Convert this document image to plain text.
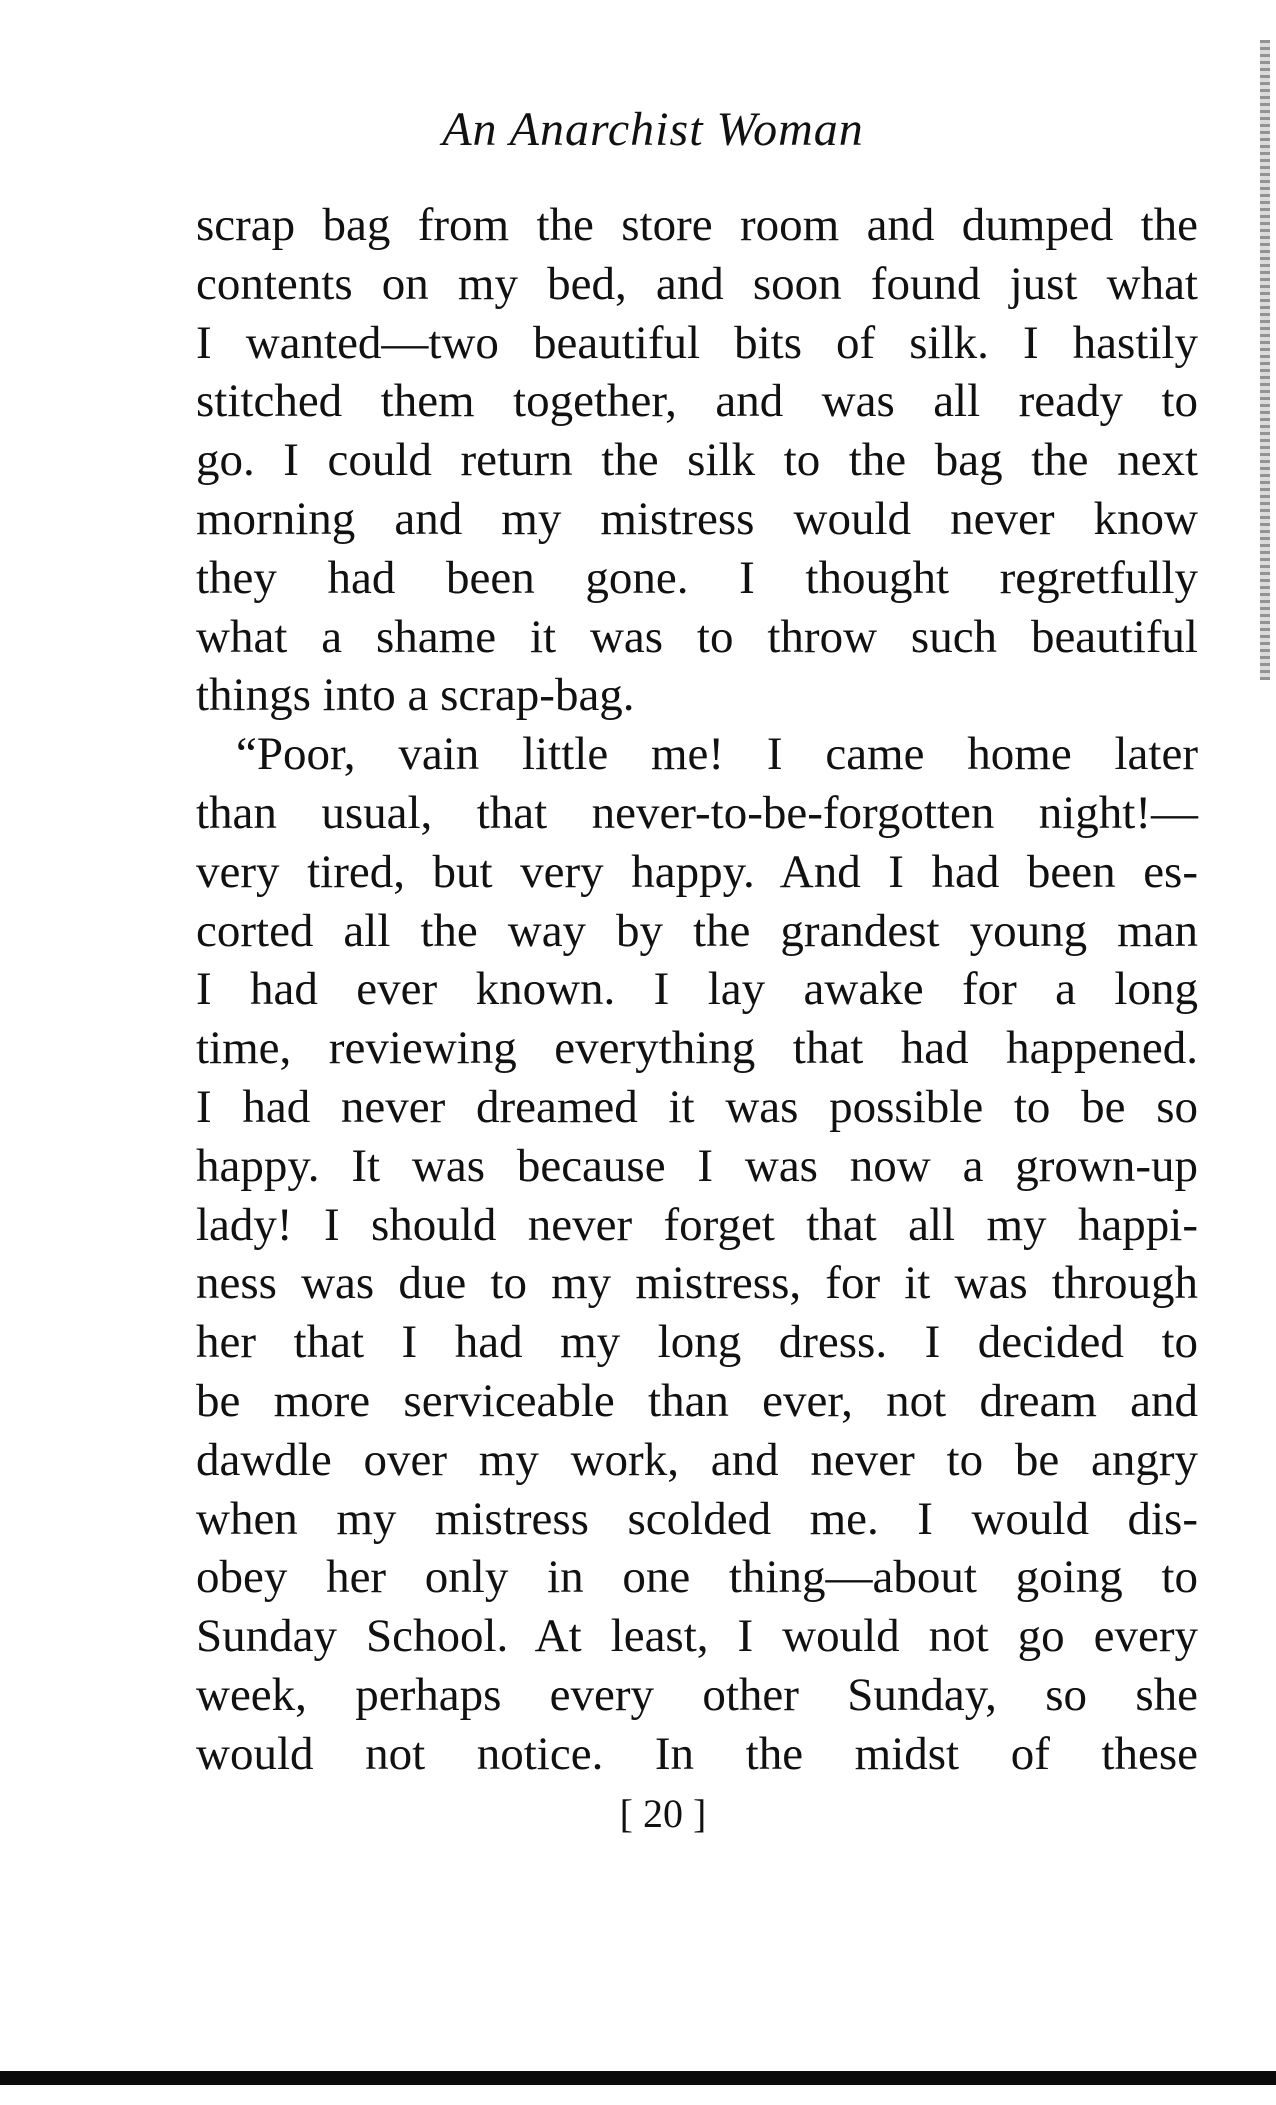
An Anarchist Woman
scrap bag from the store room and dumped the
contents on my bed, and soon found just what
I wanted—two beautiful bits of silk. I hastily
stitched them together, and was all ready to
go. I could return the silk to the bag the next
morning and my mistress would never know
they had been gone. I thought regretfully
what a shame it was to throw such beautiful
things into a scrap-bag.
“Poor, vain little me! I came home later
than usual, that never-to-be-forgotten night!—
very tired, but very happy. And I had been es-
corted all the way by the grandest young man
I had ever known. I lay awake for a long
time, reviewing everything that had happened.
I had never dreamed it was possible to be so
happy. It was because I was now a grown-up
lady! I should never forget that all my happi-
ness was due to my mistress, for it was through
her that I had my long dress. I decided to
be more serviceable than ever, not dream and
dawdle over my work, and never to be angry
when my mistress scolded me. I would dis-
obey her only in one thing—about going to
Sunday School. At least, I would not go every
week, perhaps every other Sunday, so she
would not notice. In the midst of these
[ 20 ]
